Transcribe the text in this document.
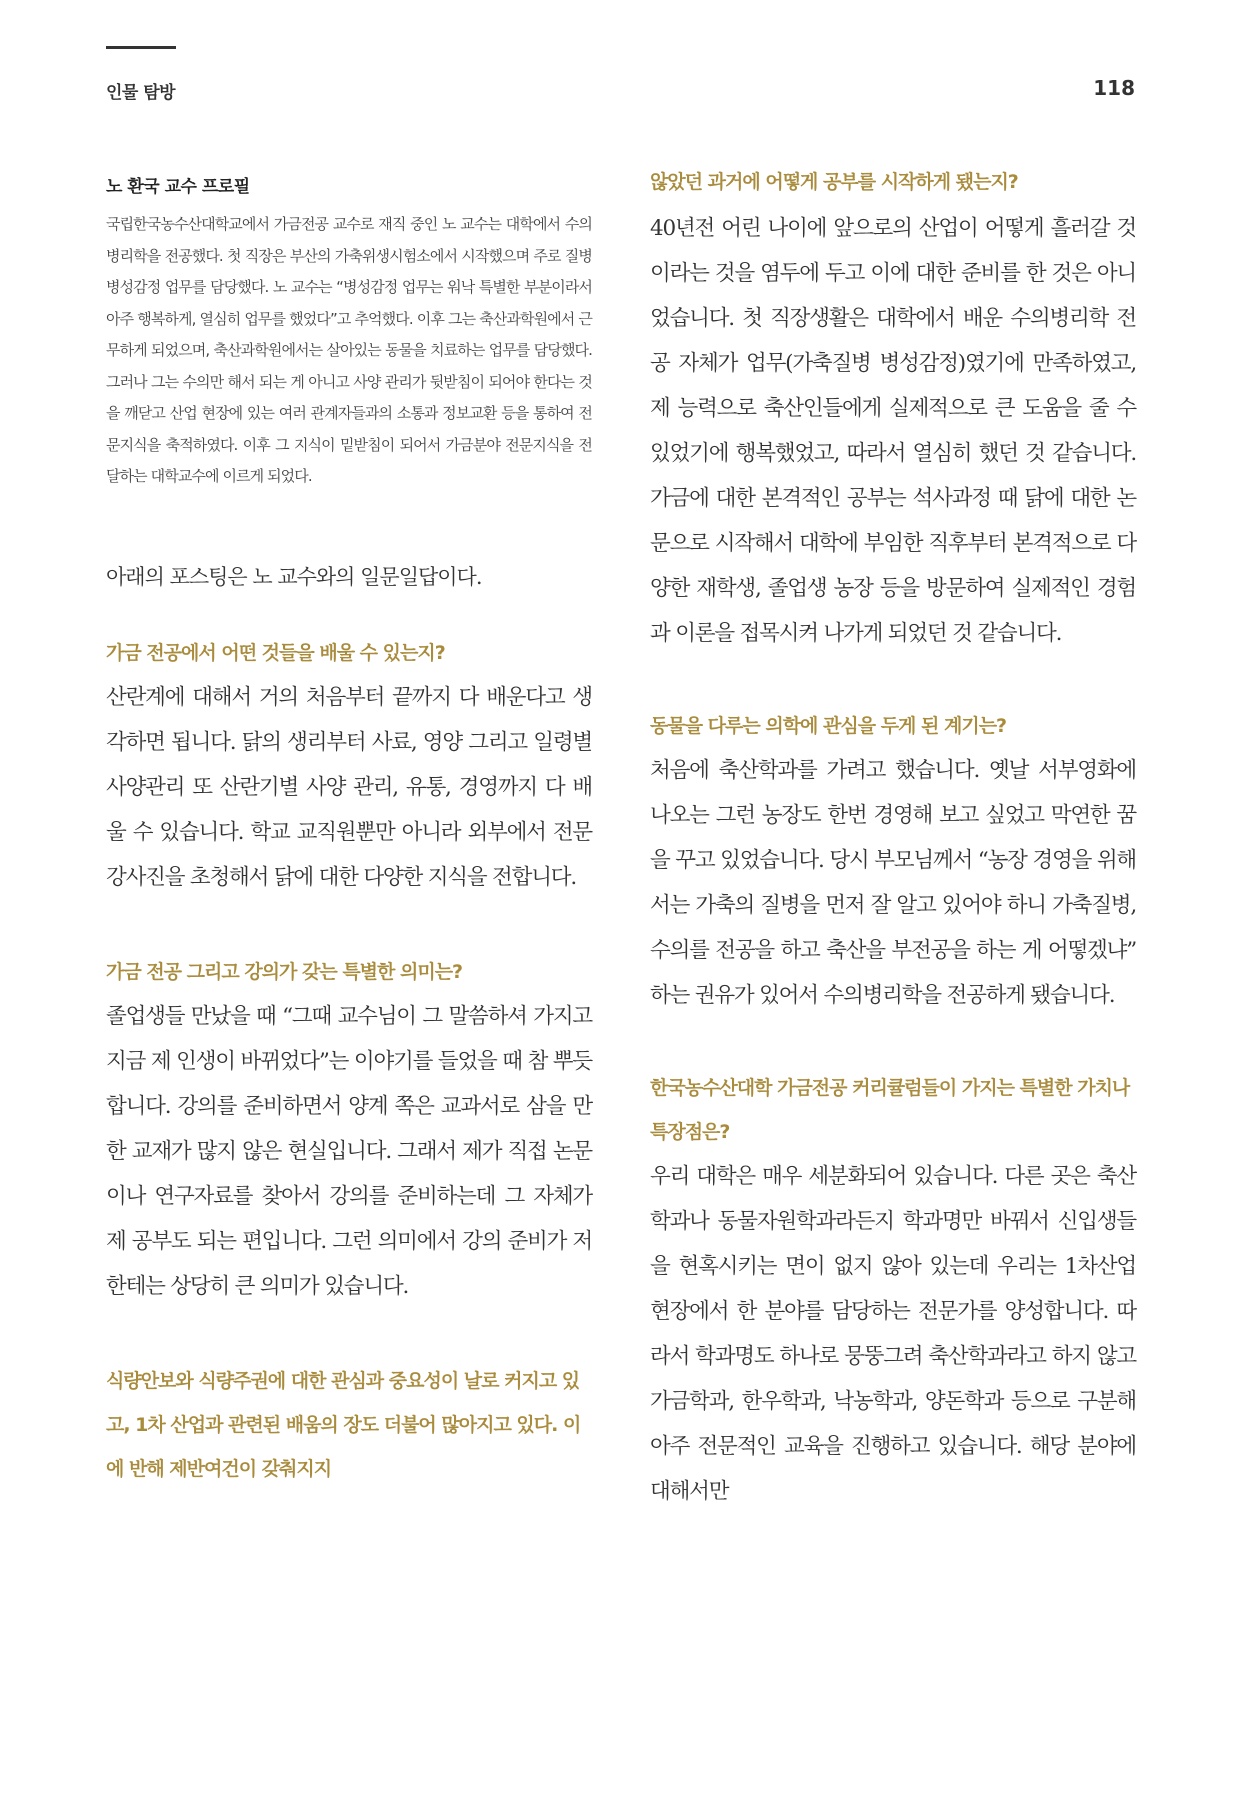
인물 탐방	118
노 환국 교수 프로필

국립한국농수산대학교에서 가금전공 교수로 재직 중인 노 교수는 대학에서 수의병리학을 전공했다. 첫 직장은 부산의 가축위생시험소에서 시작했으며 주로 질병 병성감정 업무를 담당했다. 노 교수는 “병성감정 업무는 워낙 특별한 부분이라서 아주 행복하게, 열심히 업무를 했었다”고 추억했다. 이후 그는 축산과학원에서 근무하게 되었으며, 축산과학원에서는 살아있는 동물을 치료하는 업무를 담당했다. 그러나 그는 수의만 해서 되는 게 아니고 사양 관리가 뒷받침이 되어야 한다는 것을 깨닫고 산업 현장에 있는 여러 관계자들과의 소통과 정보교환 등을 통하여 전문지식을 축적하였다. 이후 그 지식이 밑받침이 되어서 가금분야 전문지식을 전달하는 대학교수에 이르게 되었다.

아래의 포스팅은 노 교수와의 일문일답이다.

가금 전공에서 어떤 것들을 배울 수 있는지?

산란계에 대해서 거의 처음부터 끝까지 다 배운다고 생각하면 됩니다. 닭의 생리부터 사료, 영양 그리고 일령별 사양관리 또 산란기별 사양 관리, 유통, 경영까지 다 배울 수 있습니다. 학교 교직원뿐만 아니라 외부에서 전문강사진을 초청해서 닭에 대한 다양한 지식을 전합니다.

가금 전공 그리고 강의가 갖는 특별한 의미는?

졸업생들 만났을 때 “그때 교수님이 그 말씀하셔 가지고 지금 제 인생이 바뀌었다”는 이야기를 들었을 때 참 뿌듯합니다. 강의를 준비하면서 양계 쪽은 교과서로 삼을 만한 교재가 많지 않은 현실입니다. 그래서 제가 직접 논문이나 연구자료를 찾아서 강의를 준비하는데 그 자체가 제 공부도 되는 편입니다. 그런 의미에서 강의 준비가 저한테는 상당히 큰 의미가 있습니다.

식량안보와 식량주권에 대한 관심과 중요성이 날로 커지고 있고, 1차 산업과 관련된 배움의 장도 더불어 많아지고 있다. 이에 반해 제반여건이 갖춰지지

않았던 과거에 어떻게 공부를 시작하게 됐는지?

40년전 어린 나이에 앞으로의 산업이 어떻게 흘러갈 것이라는 것을 염두에 두고 이에 대한 준비를 한 것은 아니었습니다. 첫 직장생활은 대학에서 배운 수의병리학 전공 자체가 업무(가축질병 병성감정)였기에 만족하였고, 제 능력으로 축산인들에게 실제적으로 큰 도움을 줄 수 있었기에 행복했었고, 따라서 열심히 했던 것 같습니다. 가금에 대한 본격적인 공부는 석사과정 때 닭에 대한 논문으로 시작해서 대학에 부임한 직후부터 본격적으로 다양한 재학생, 졸업생 농장 등을 방문하여 실제적인 경험과 이론을 접목시켜 나가게 되었던 것 같습니다.

동물을 다루는 의학에 관심을 두게 된 계기는?

처음에 축산학과를 가려고 했습니다. 옛날 서부영화에 나오는 그런 농장도 한번 경영해 보고 싶었고 막연한 꿈을 꾸고 있었습니다. 당시 부모님께서 “농장 경영을 위해서는 가축의 질병을 먼저 잘 알고 있어야 하니 가축질병, 수의를 전공을 하고 축산을 부전공을 하는 게 어떻겠냐” 하는 권유가 있어서 수의병리학을 전공하게 됐습니다.

한국농수산대학 가금전공 커리큘럼들이 가지는 특별한 가치나 특장점은?

우리 대학은 매우 세분화되어 있습니다. 다른 곳은 축산학과나 동물자원학과라든지 학과명만 바꿔서 신입생들을 현혹시키는 면이 없지 않아 있는데 우리는 1차산업 현장에서 한 분야를 담당하는 전문가를 양성합니다. 따라서 학과명도 하나로 뭉뚱그려 축산학과라고 하지 않고 가금학과, 한우학과, 낙농학과, 양돈학과 등으로 구분해 아주 전문적인 교육을 진행하고 있습니다. 해당 분야에 대해서만
